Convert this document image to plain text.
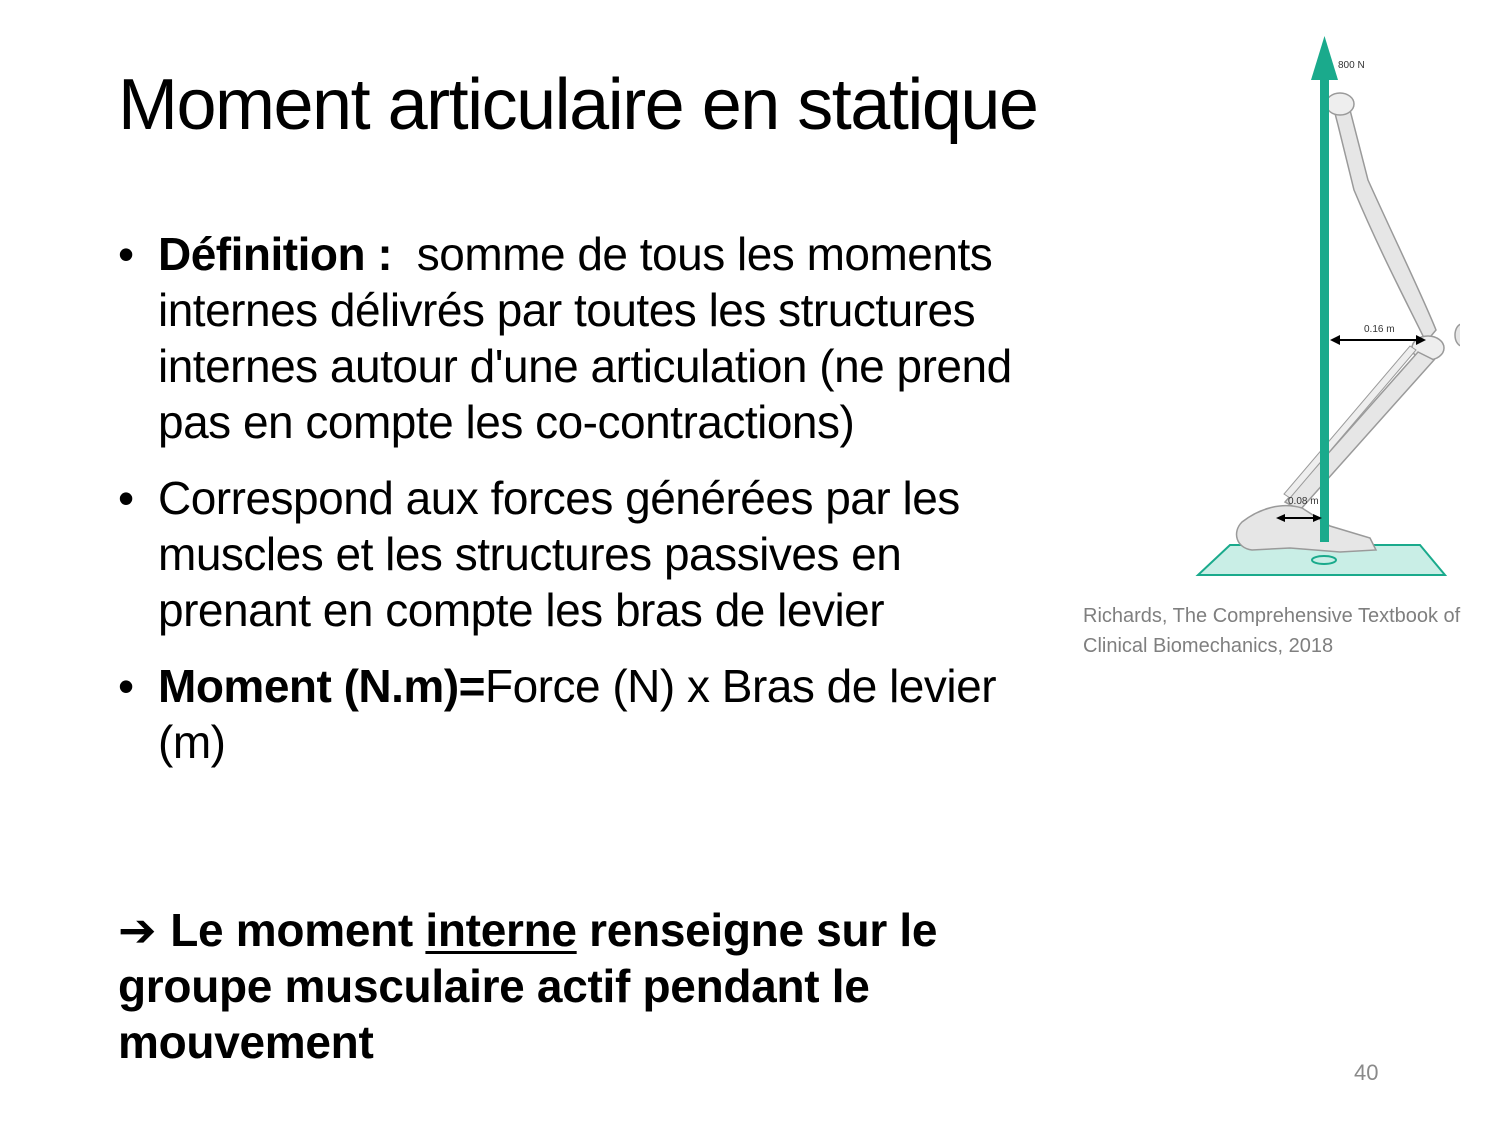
Moment articulaire en statique
• Définition :  somme de tous les moments internes délivrés par toutes les structures internes autour d'une articulation (ne prend pas en compte les co-contractions)
• Correspond aux forces générées par les muscles et les structures passives en prenant en compte les bras de levier
• Moment (N.m)=Force (N) x Bras de levier (m)
➔ Le moment interne renseigne sur le groupe musculaire actif pendant le mouvement
800 N
0.16 m
0.08 m
Richards, The Comprehensive Textbook of Clinical Biomechanics, 2018
40
